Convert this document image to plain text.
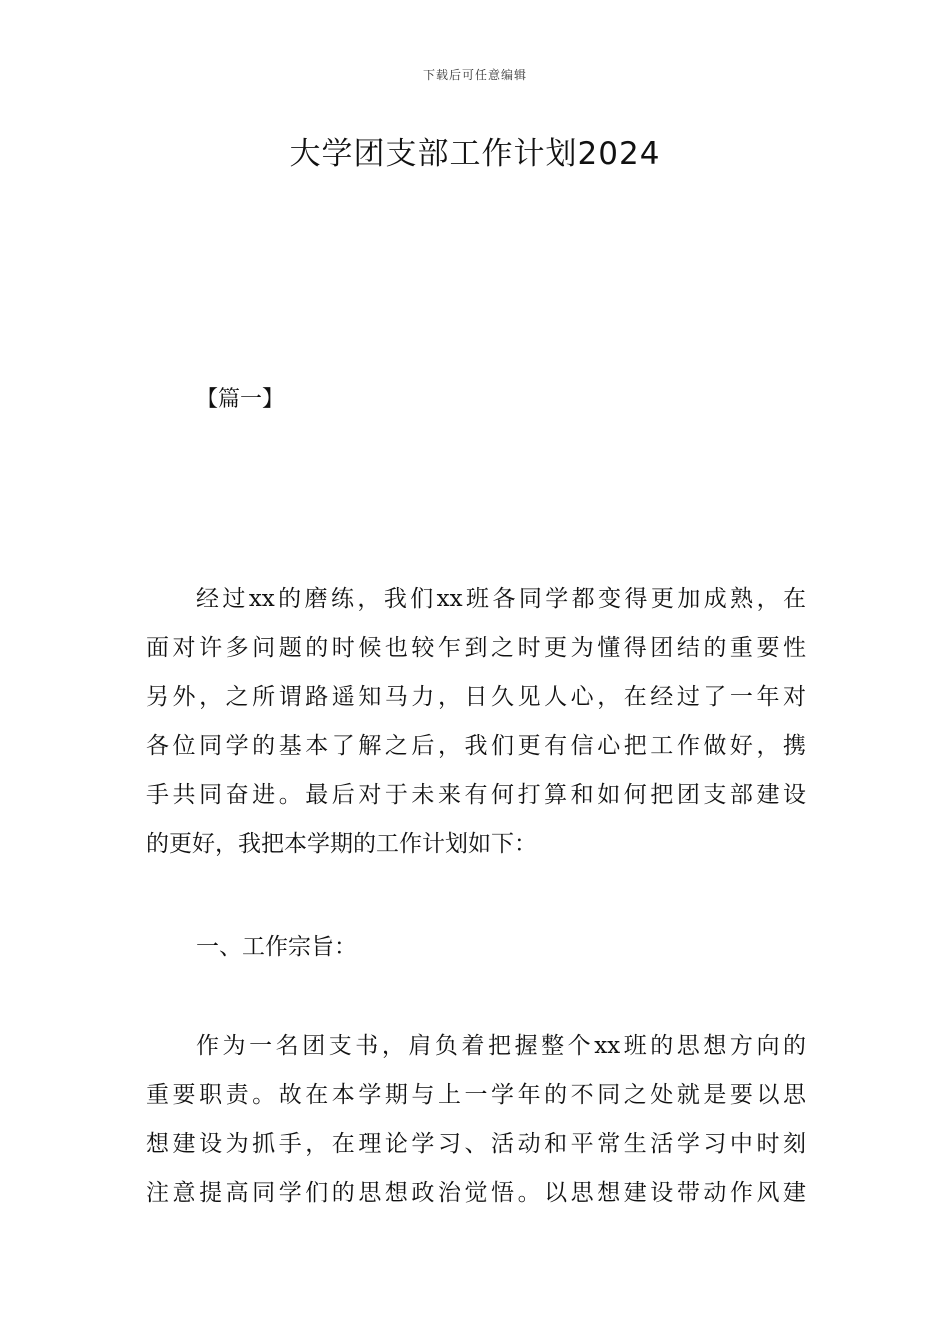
下载后可任意编辑
大学团支部工作计划2024
【篇一】
经过xx的磨练，我们xx班各同学都变得更加成熟，在
面对许多问题的时候也较乍到之时更为懂得团结的重要性
另外，之所谓路遥知马力，日久见人心，在经过了一年对
各位同学的基本了解之后，我们更有信心把工作做好，携
手共同奋进。最后对于未来有何打算和如何把团支部建设
的更好，我把本学期的工作计划如下：
一、工作宗旨：
作为一名团支书，肩负着把握整个xx班的思想方向的
重要职责。故在本学期与上一学年的不同之处就是要以思
想建设为抓手，在理论学习、活动和平常生活学习中时刻
注意提高同学们的思想政治觉悟。以思想建设带动作风建
